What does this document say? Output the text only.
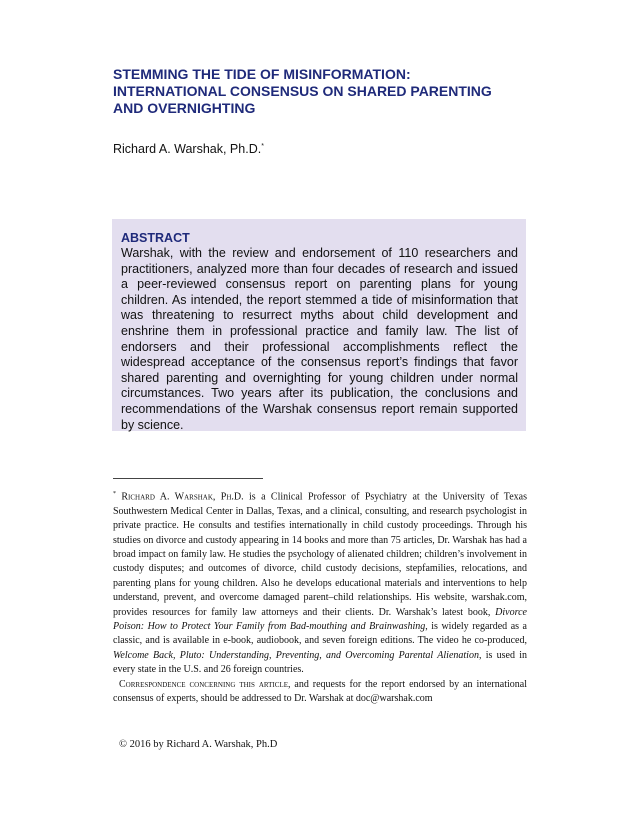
STEMMING THE TIDE OF MISINFORMATION:
INTERNATIONAL CONSENSUS ON SHARED PARENTING
AND OVERNIGHTING
Richard A. Warshak, Ph.D.*

ABSTRACT

Warshak, with the review and endorsement of 110 researchers and practitioners, analyzed more than four decades of research and issued a peer-reviewed consensus report on parenting plans for young children. As intended, the report stemmed a tide of misinformation that was threatening to resurrect myths about child development and enshrine them in professional practice and family law. The list of endorsers and their professional accomplishments reflect the widespread acceptance of the consensus report’s findings that favor shared parenting and overnighting for young children under normal circumstances. Two years after its publication, the conclusions and recommendations of the Warshak consensus report remain supported by science.

* Richard A. Warshak, Ph.D. is a Clinical Professor of Psychiatry at the University of Texas Southwestern Medical Center in Dallas, Texas, and a clinical, consulting, and research psychologist in private practice. He consults and testifies internationally in child custody proceedings. Through his studies on divorce and custody appearing in 14 books and more than 75 articles, Dr. Warshak has had a broad impact on family law. He studies the psychology of alienated children; children’s involvement in custody disputes; and outcomes of divorce, child custody decisions, stepfamilies, relocations, and parenting plans for young children. Also he develops educational materials and interventions to help understand, prevent, and overcome damaged parent–child relationships. His website, warshak.com, provides resources for family law attorneys and their clients. Dr. Warshak’s latest book, Divorce Poison: How to Protect Your Family from Bad-mouthing and Brainwashing, is widely regarded as a classic, and is available in e-book, audiobook, and seven foreign editions. The video he co-produced, Welcome Back, Pluto: Understanding, Preventing, and Overcoming Parental Alienation, is used in every state in the U.S. and 26 foreign countries.

Correspondence concerning this article, and requests for the report endorsed by an international consensus of experts, should be addressed to Dr. Warshak at doc@warshak.com

© 2016 by Richard A. Warshak, Ph.D
